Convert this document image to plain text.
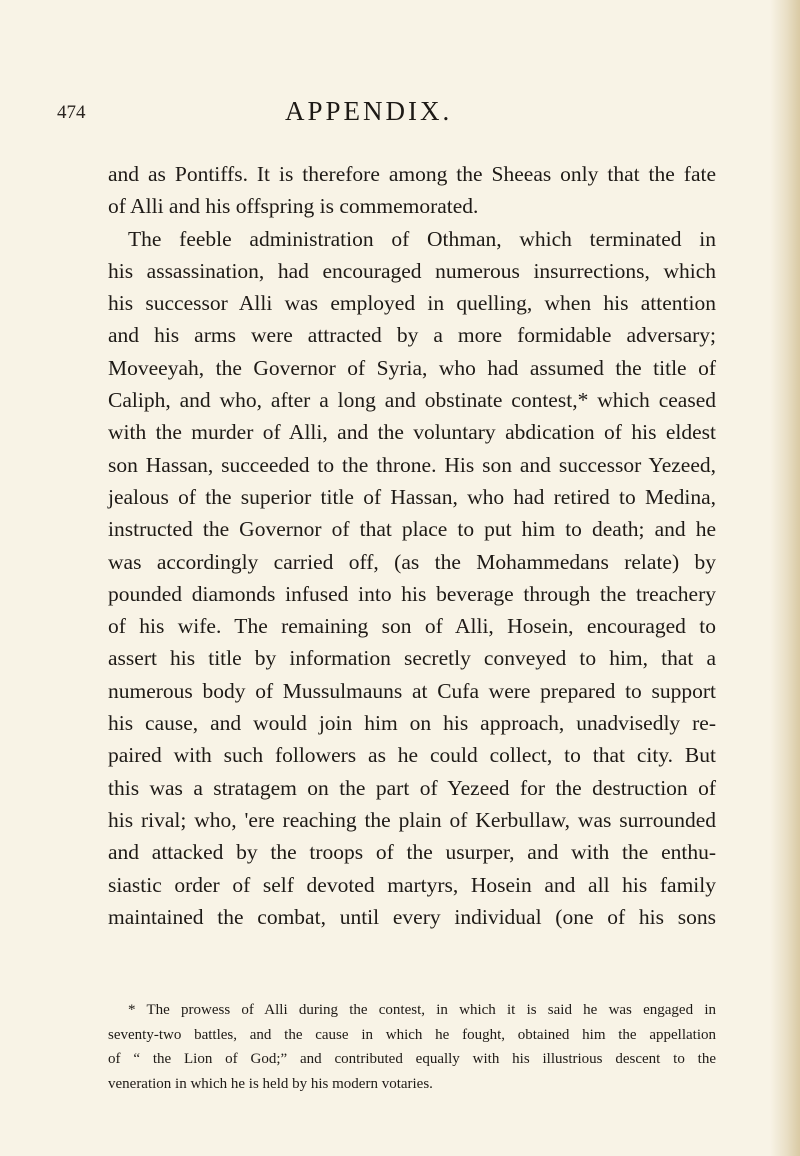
474	APPENDIX.
and as Pontiffs. It is therefore among the Sheeas only that the fate
of Alli and his offspring is commemorated.
The feeble administration of Othman, which terminated in
his assassination, had encouraged numerous insurrections, which
his successor Alli was employed in quelling, when his attention
and his arms were attracted by a more formidable adversary;
Moveeyah, the Governor of Syria, who had assumed the title of
Caliph, and who, after a long and obstinate contest,* which ceased
with the murder of Alli, and the voluntary abdication of his eldest
son Hassan, succeeded to the throne. His son and successor Yezeed,
jealous of the superior title of Hassan, who had retired to Medina,
instructed the Governor of that place to put him to death; and he
was accordingly carried off, (as the Mohammedans relate) by
pounded diamonds infused into his beverage through the treachery
of his wife. The remaining son of Alli, Hosein, encouraged to
assert his title by information secretly conveyed to him, that a
numerous body of Mussulmauns at Cufa were prepared to support
his cause, and would join him on his approach, unadvisedly re-
paired with such followers as he could collect, to that city. But
this was a stratagem on the part of Yezeed for the destruction of
his rival; who, 'ere reaching the plain of Kerbullaw, was surrounded
and attacked by the troops of the usurper, and with the enthu-
siastic order of self devoted martyrs, Hosein and all his family
maintained the combat, until every individual (one of his sons
* The prowess of Alli during the contest, in which it is said he was engaged in
seventy-two battles, and the cause in which he fought, obtained him the appellation
of “ the Lion of God;” and contributed equally with his illustrious descent to the
veneration in which he is held by his modern votaries.
